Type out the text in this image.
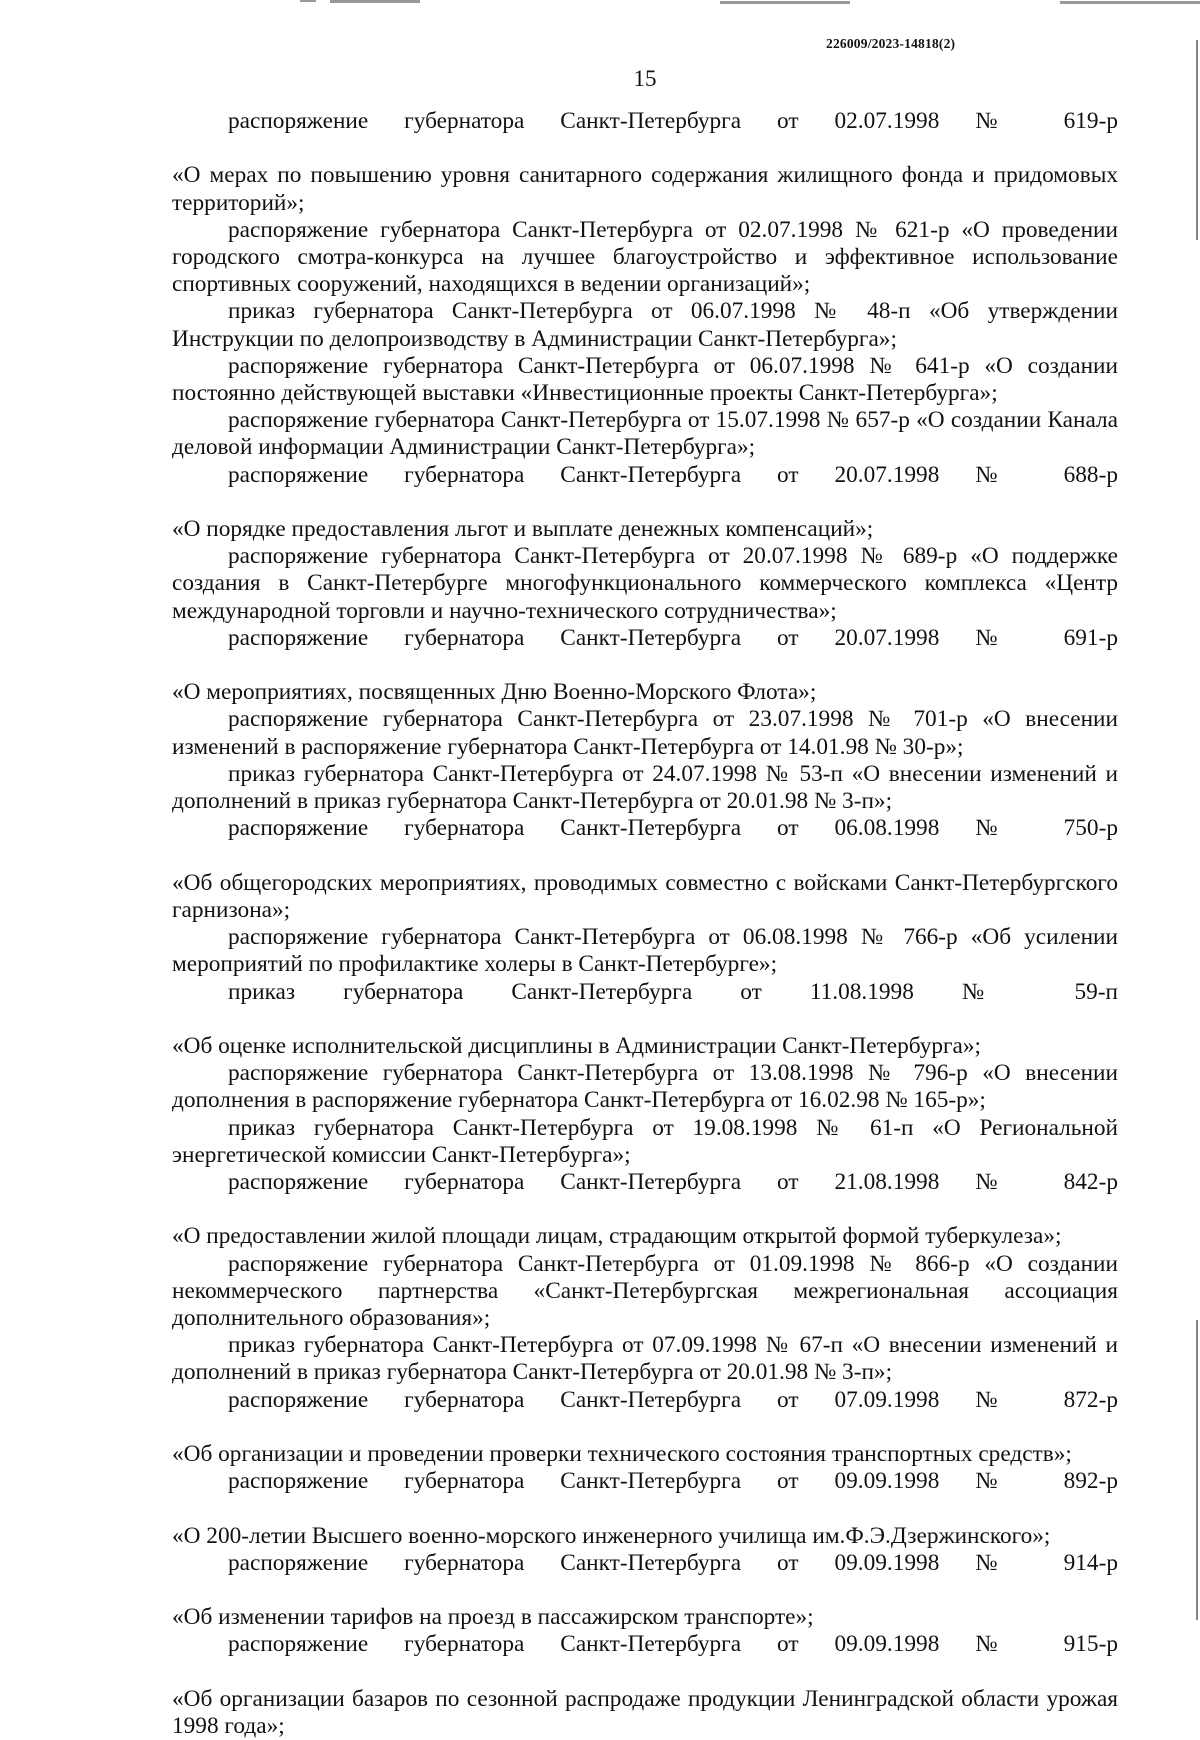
226009/2023-14818(2)
15

распоряжение губернатора Санкт-Петербурга от 02.07.1998 № 619-р
«О мерах по повышению уровня санитарного содержания жилищного фонда и придомовых территорий»;

распоряжение губернатора Санкт-Петербурга от 02.07.1998 № 621-р «О проведении городского смотра-конкурса на лучшее благоустройство и эффективное использование спортивных сооружений, находящихся в ведении организаций»;

приказ губернатора Санкт-Петербурга от 06.07.1998 № 48-п «Об утверждении Инструкции по делопроизводству в Администрации Санкт-Петербурга»;

распоряжение губернатора Санкт-Петербурга от 06.07.1998 № 641-р «О создании постоянно действующей выставки «Инвестиционные проекты Санкт-Петербурга»;

распоряжение губернатора Санкт-Петербурга от 15.07.1998 № 657-р «О создании Канала деловой информации Администрации Санкт-Петербурга»;

распоряжение губернатора Санкт-Петербурга от 20.07.1998 № 688-р
«О порядке предоставления льгот и выплате денежных компенсаций»;

распоряжение губернатора Санкт-Петербурга от 20.07.1998 № 689-р «О поддержке создания в Санкт-Петербурге многофункционального коммерческого комплекса «Центр международной торговли и научно-технического сотрудничества»;

распоряжение губернатора Санкт-Петербурга от 20.07.1998 № 691-р
«О мероприятиях, посвященных Дню Военно-Морского Флота»;

распоряжение губернатора Санкт-Петербурга от 23.07.1998 № 701-р «О внесении изменений в распоряжение губернатора Санкт-Петербурга от 14.01.98 № 30-р»;

приказ губернатора Санкт-Петербурга от 24.07.1998 № 53-п «О внесении изменений и дополнений в приказ губернатора Санкт-Петербурга от 20.01.98 № 3-п»;

распоряжение губернатора Санкт-Петербурга от 06.08.1998 № 750-р
«Об общегородских мероприятиях, проводимых совместно с войсками Санкт-Петербургского гарнизона»;

распоряжение губернатора Санкт-Петербурга от 06.08.1998 № 766-р «Об усилении мероприятий по профилактике холеры в Санкт-Петербурге»;

приказ губернатора Санкт-Петербурга от 11.08.1998 № 59-п
«Об оценке исполнительской дисциплины в Администрации Санкт-Петербурга»;

распоряжение губернатора Санкт-Петербурга от 13.08.1998 № 796-р «О внесении дополнения в распоряжение губернатора Санкт-Петербурга от 16.02.98 № 165-р»;

приказ губернатора Санкт-Петербурга от 19.08.1998 № 61-п «О Региональной энергетической комиссии Санкт-Петербурга»;

распоряжение губернатора Санкт-Петербурга от 21.08.1998 № 842-р
«О предоставлении жилой площади лицам, страдающим открытой формой туберкулеза»;

распоряжение губернатора Санкт-Петербурга от 01.09.1998 № 866-р «О создании некоммерческого партнерства «Санкт-Петербургская межрегиональная ассоциация дополнительного образования»;

приказ губернатора Санкт-Петербурга от 07.09.1998 № 67-п «О внесении изменений и дополнений в приказ губернатора Санкт-Петербурга от 20.01.98 № 3-п»;

распоряжение губернатора Санкт-Петербурга от 07.09.1998 № 872-р
«Об организации и проведении проверки технического состояния транспортных средств»;

распоряжение губернатора Санкт-Петербурга от 09.09.1998 № 892-р
«О 200-летии Высшего военно-морского инженерного училища им.Ф.Э.Дзержинского»;

распоряжение губернатора Санкт-Петербурга от 09.09.1998 № 914-р
«Об изменении тарифов на проезд в пассажирском транспорте»;

распоряжение губернатора Санкт-Петербурга от 09.09.1998 № 915-р
«Об организации базаров по сезонной распродаже продукции Ленинградской области урожая 1998 года»;
